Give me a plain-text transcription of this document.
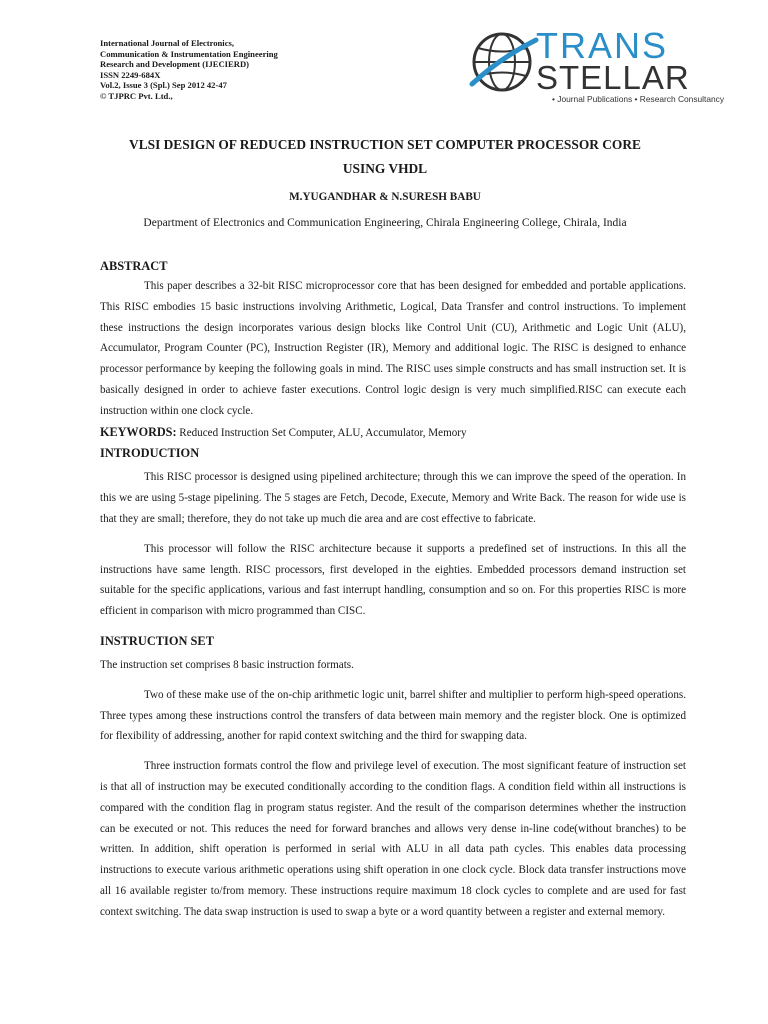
International Journal of Electronics,
Communication & Instrumentation Engineering
Research and Development (IJECIERD)
ISSN 2249-684X
Vol.2, Issue 3 (Spl.) Sep 2012 42-47
© TJPRC Pvt. Ltd.,
TRANS
STELLAR
• Journal Publications • Research Consultancy
VLSI DESIGN OF REDUCED INSTRUCTION SET COMPUTER PROCESSOR CORE
USING VHDL
M.YUGANDHAR & N.SURESH BABU
Department of Electronics and Communication Engineering, Chirala Engineering College, Chirala, India
ABSTRACT

This paper describes a 32-bit RISC microprocessor core that has been designed for embedded and portable applications. This RISC embodies 15 basic instructions involving Arithmetic, Logical, Data Transfer and control instructions. To implement these instructions the design incorporates various design blocks like Control Unit (CU), Arithmetic and Logic Unit (ALU), Accumulator, Program Counter (PC), Instruction Register (IR), Memory and additional logic. The RISC is designed to enhance processor performance by keeping the following goals in mind. The RISC uses simple constructs and has small instruction set. It is basically designed in order to achieve faster executions. Control logic design is very much simplified.RISC can execute each instruction within one clock cycle.

KEYWORDS: Reduced Instruction Set Computer, ALU, Accumulator, Memory

INTRODUCTION

This RISC processor is designed using pipelined architecture; through this we can improve the speed of the operation. In this we are using 5-stage pipelining. The 5 stages are Fetch, Decode, Execute, Memory and Write Back. The reason for wide use is that they are small; therefore, they do not take up much die area and are cost effective to fabricate.

This processor will follow the RISC architecture because it supports a predefined set of instructions. In this all the instructions have same length. RISC processors, first developed in the eighties. Embedded processors demand instruction set suitable for the specific applications, various and fast interrupt handling, consumption and so on. For this properties RISC is more efficient in comparison with micro programmed than CISC.

INSTRUCTION SET

The instruction set comprises 8 basic instruction formats.

Two of these make use of the on-chip arithmetic logic unit, barrel shifter and multiplier to perform high-speed operations. Three types among these instructions control the transfers of data between main memory and the register block. One is optimized for flexibility of addressing, another for rapid context switching and the third for swapping data.

Three instruction formats control the flow and privilege level of execution. The most significant feature of instruction set is that all of instruction may be executed conditionally according to the condition flags. A condition field within all instructions is compared with the condition flag in program status register. And the result of the comparison determines whether the instruction can be executed or not. This reduces the need for forward branches and allows very dense in-line code(without branches) to be written. In addition, shift operation is performed in serial with ALU in all data path cycles. This enables data processing instructions to execute various arithmetic operations using shift operation in one clock cycle. Block data transfer instructions move all 16 available register to/from memory. These instructions require maximum 18 clock cycles to complete and are used for fast context switching. The data swap instruction is used to swap a byte or a word quantity between a register and external memory.
